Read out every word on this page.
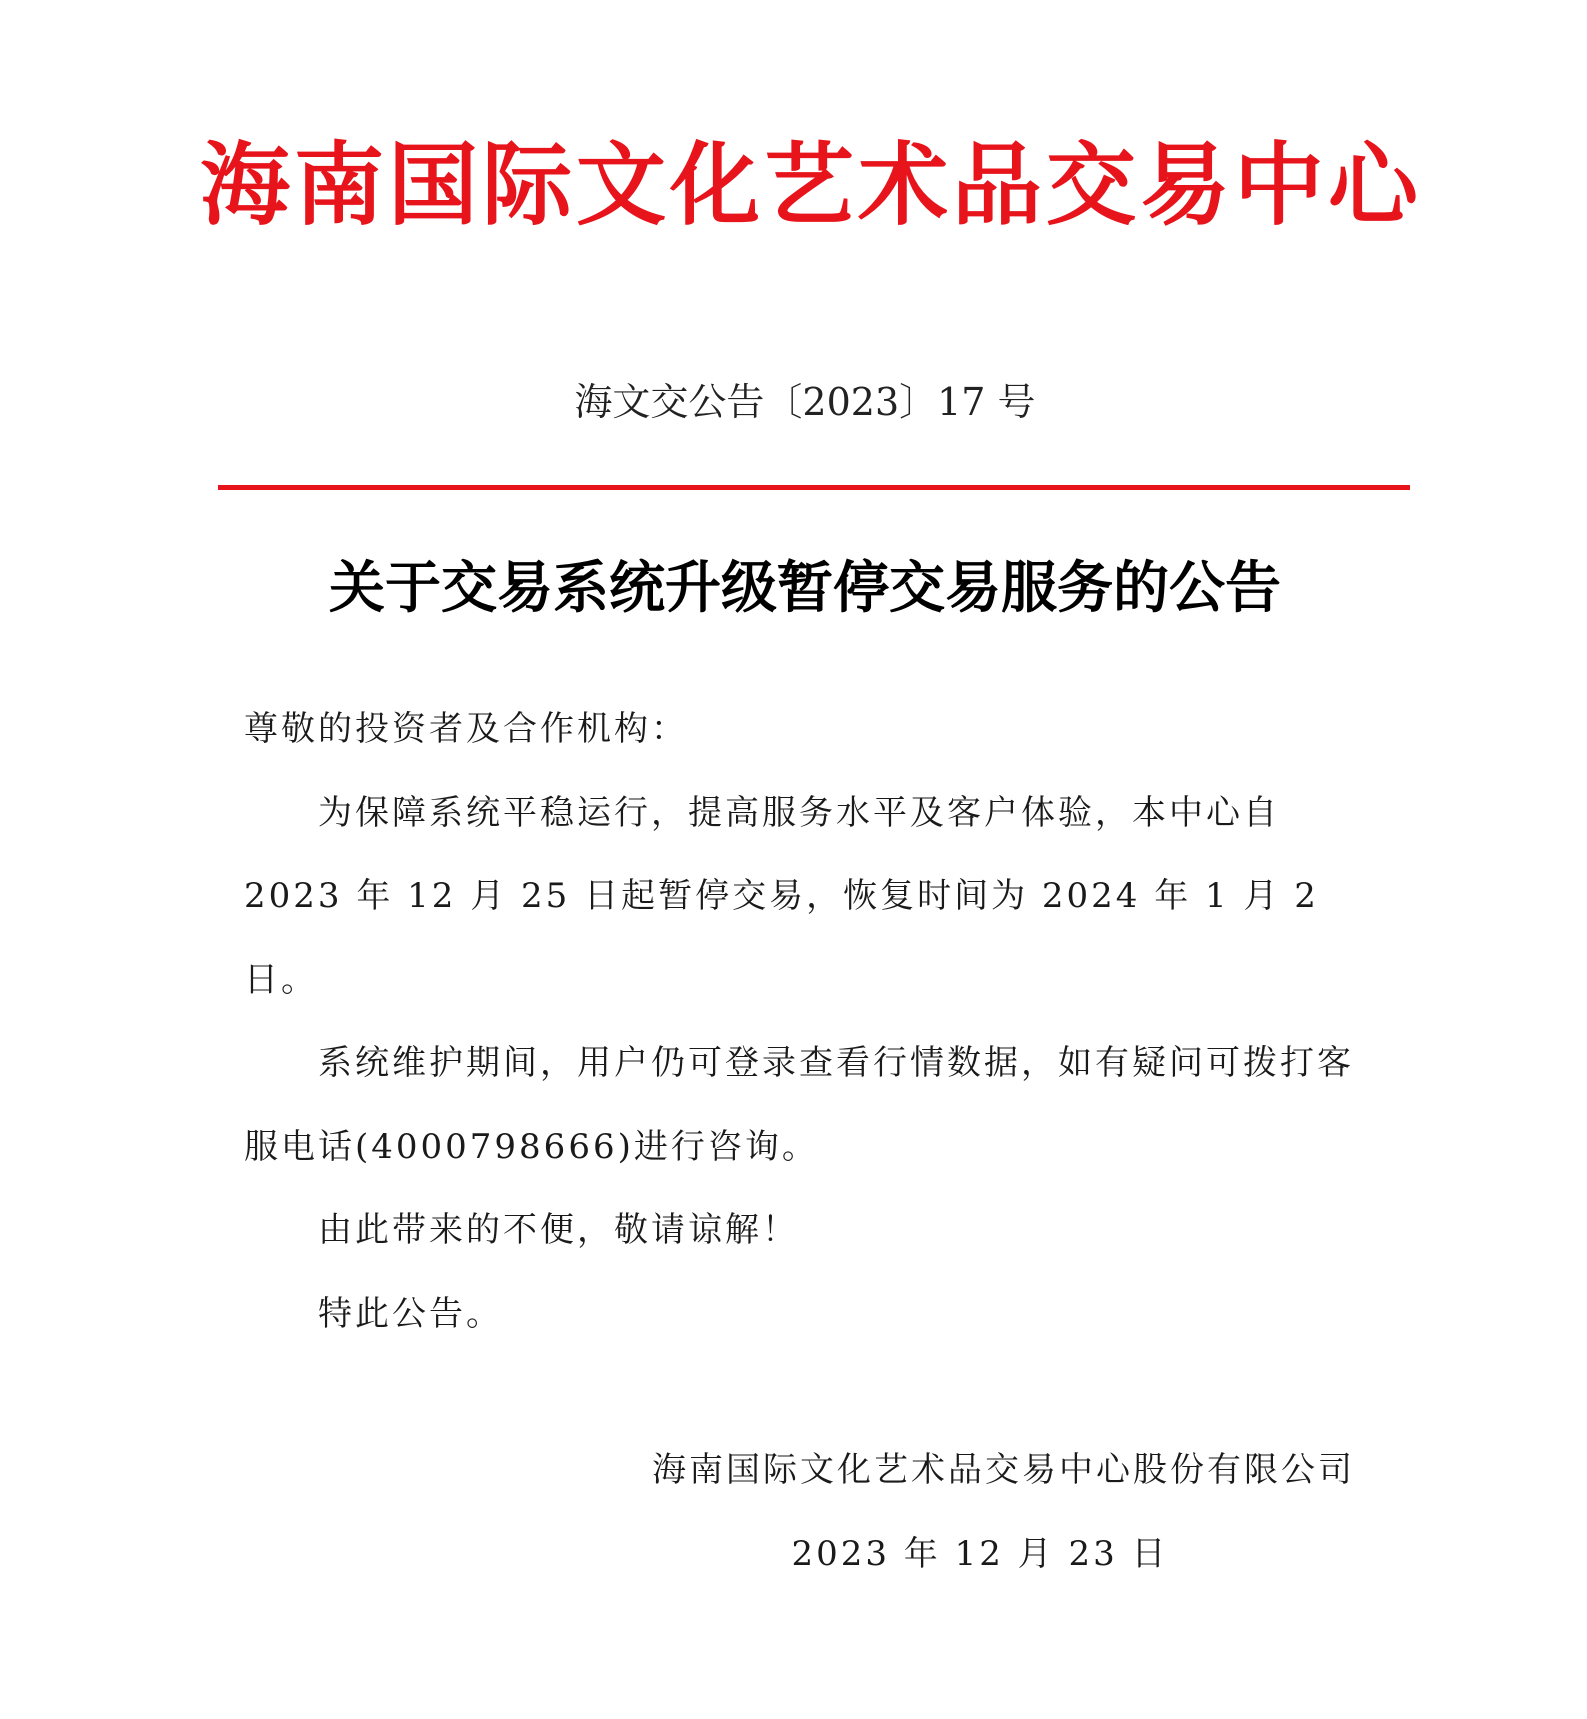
海南国际文化艺术品交易中心
海文交公告〔2023〕17 号
关于交易系统升级暂停交易服务的公告

尊敬的投资者及合作机构：

为保障系统平稳运行，提高服务水平及客户体验，本中心自 2023 年 12 月 25 日起暂停交易，恢复时间为 2024 年 1 月 2 日。

系统维护期间，用户仍可登录查看行情数据，如有疑问可拨打客服电话(4000798666)进行咨询。

由此带来的不便，敬请谅解！

特此公告。

海南国际文化艺术品交易中心股份有限公司
2023 年 12 月 23 日
